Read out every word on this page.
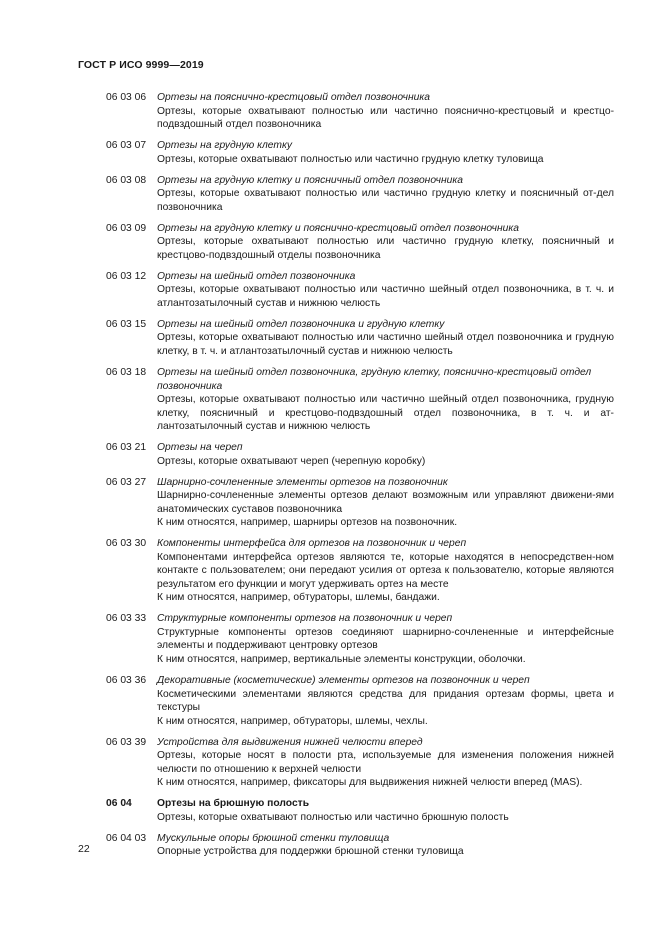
ГОСТ Р ИСО 9999—2019
06 03 06	Ортезы на пояснично-крестцовый отдел позвоночника
Ортезы, которые охватывают полностью или частично пояснично-крестцовый и крестцо-подвздошный отдел позвоночника
06 03 07	Ортезы на грудную клетку
Ортезы, которые охватывают полностью или частично грудную клетку туловища
06 03 08	Ортезы на грудную клетку и поясничный отдел позвоночника
Ортезы, которые охватывают полностью или частично грудную клетку и поясничный от-дел позвоночника
06 03 09	Ортезы на грудную клетку и пояснично-крестцовый отдел позвоночника
Ортезы, которые охватывают полностью или частично грудную клетку, поясничный и крестцово-подвздошный отделы позвоночника
06 03 12	Ортезы на шейный отдел позвоночника
Ортезы, которые охватывают полностью или частично шейный отдел позвоночника, в т. ч. и атлантозатылочный сустав и нижнюю челюсть
06 03 15	Ортезы на шейный отдел позвоночника и грудную клетку
Ортезы, которые охватывают полностью или частично шейный отдел позвоночника и грудную клетку, в т. ч. и атлантозатылочный сустав и нижнюю челюсть
06 03 18	Ортезы на шейный отдел позвоночника, грудную клетку, пояснично-крестцовый отдел позвоночника
Ортезы, которые охватывают полностью или частично шейный отдел позвоночника, грудную клетку, поясничный и крестцово-подвздошный отдел позвоночника, в т. ч. и ат-лантозатылочный сустав и нижнюю челюсть
06 03 21	Ортезы на череп
Ортезы, которые охватывают череп (черепную коробку)
06 03 27	Шарнирно-сочлененные элементы ортезов на позвоночник
Шарнирно-сочлененные элементы ортезов делают возможным или управляют движени-ями анатомических суставов позвоночника
К ним относятся, например, шарниры ортезов на позвоночник.
06 03 30	Компоненты интерфейса для ортезов на позвоночник и череп
Компонентами интерфейса ортезов являются те, которые находятся в непосредствен-ном контакте с пользователем; они передают усилия от ортеза к пользователю, которые являются результатом его функции и могут удерживать ортез на месте
К ним относятся, например, обтураторы, шлемы, бандажи.
06 03 33	Структурные компоненты ортезов на позвоночник и череп
Структурные компоненты ортезов соединяют шарнирно-сочлененные и интерфейсные элементы и поддерживают центровку ортезов
К ним относятся, например, вертикальные элементы конструкции, оболочки.
06 03 36	Декоративные (косметические) элементы ортезов на позвоночник и череп
Косметическими элементами являются средства для придания ортезам формы, цвета и текстуры
К ним относятся, например, обтураторы, шлемы, чехлы.
06 03 39	Устройства для выдвижения нижней челюсти вперед
Ортезы, которые носят в полости рта, используемые для изменения положения нижней челюсти по отношению к верхней челюсти
К ним относятся, например, фиксаторы для выдвижения нижней челюсти вперед (MAS).
06 04	Ортезы на брюшную полость
Ортезы, которые охватывают полностью или частично брюшную полость
06 04 03	Мускульные опоры брюшной стенки туловища
Опорные устройства для поддержки брюшной стенки туловища
22
